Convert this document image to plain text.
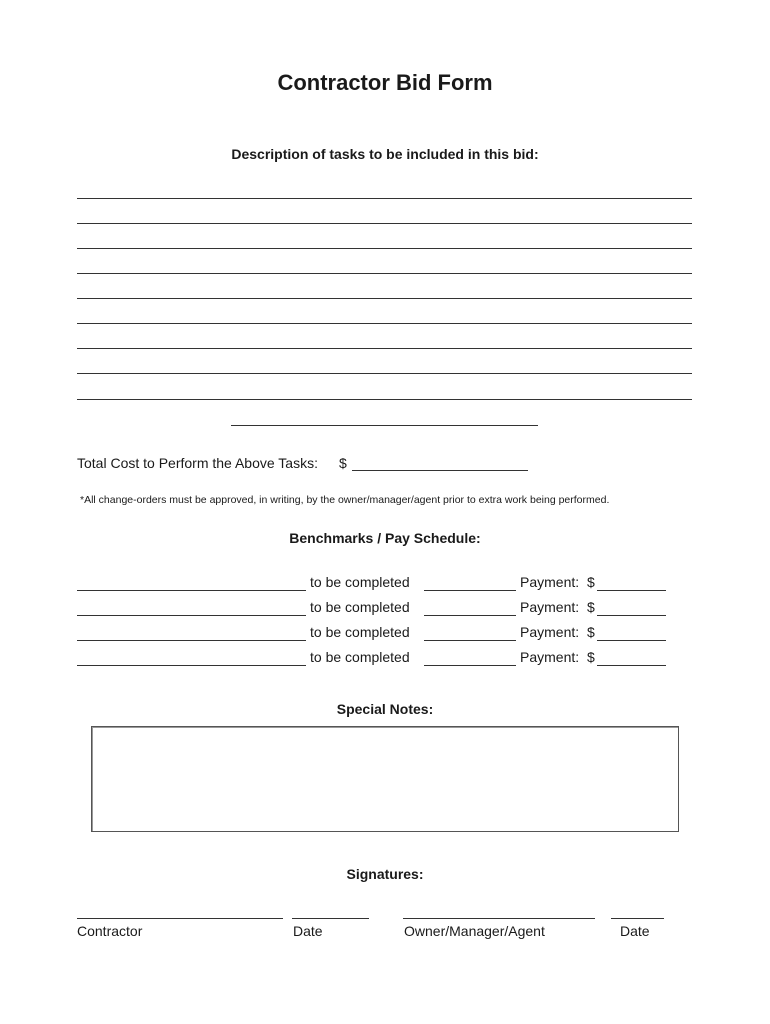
Contractor Bid Form
Description of tasks to be included in this bid:
Total Cost to Perform the Above Tasks: $
*All change-orders must be approved, in writing, by the owner/manager/agent prior to extra work being performed.
Benchmarks / Pay Schedule:
to be completed	Payment: $
to be completed	Payment: $
to be completed	Payment: $
to be completed	Payment: $
Special Notes:
Signatures:
Contractor	Date	Owner/Manager/Agent	Date
